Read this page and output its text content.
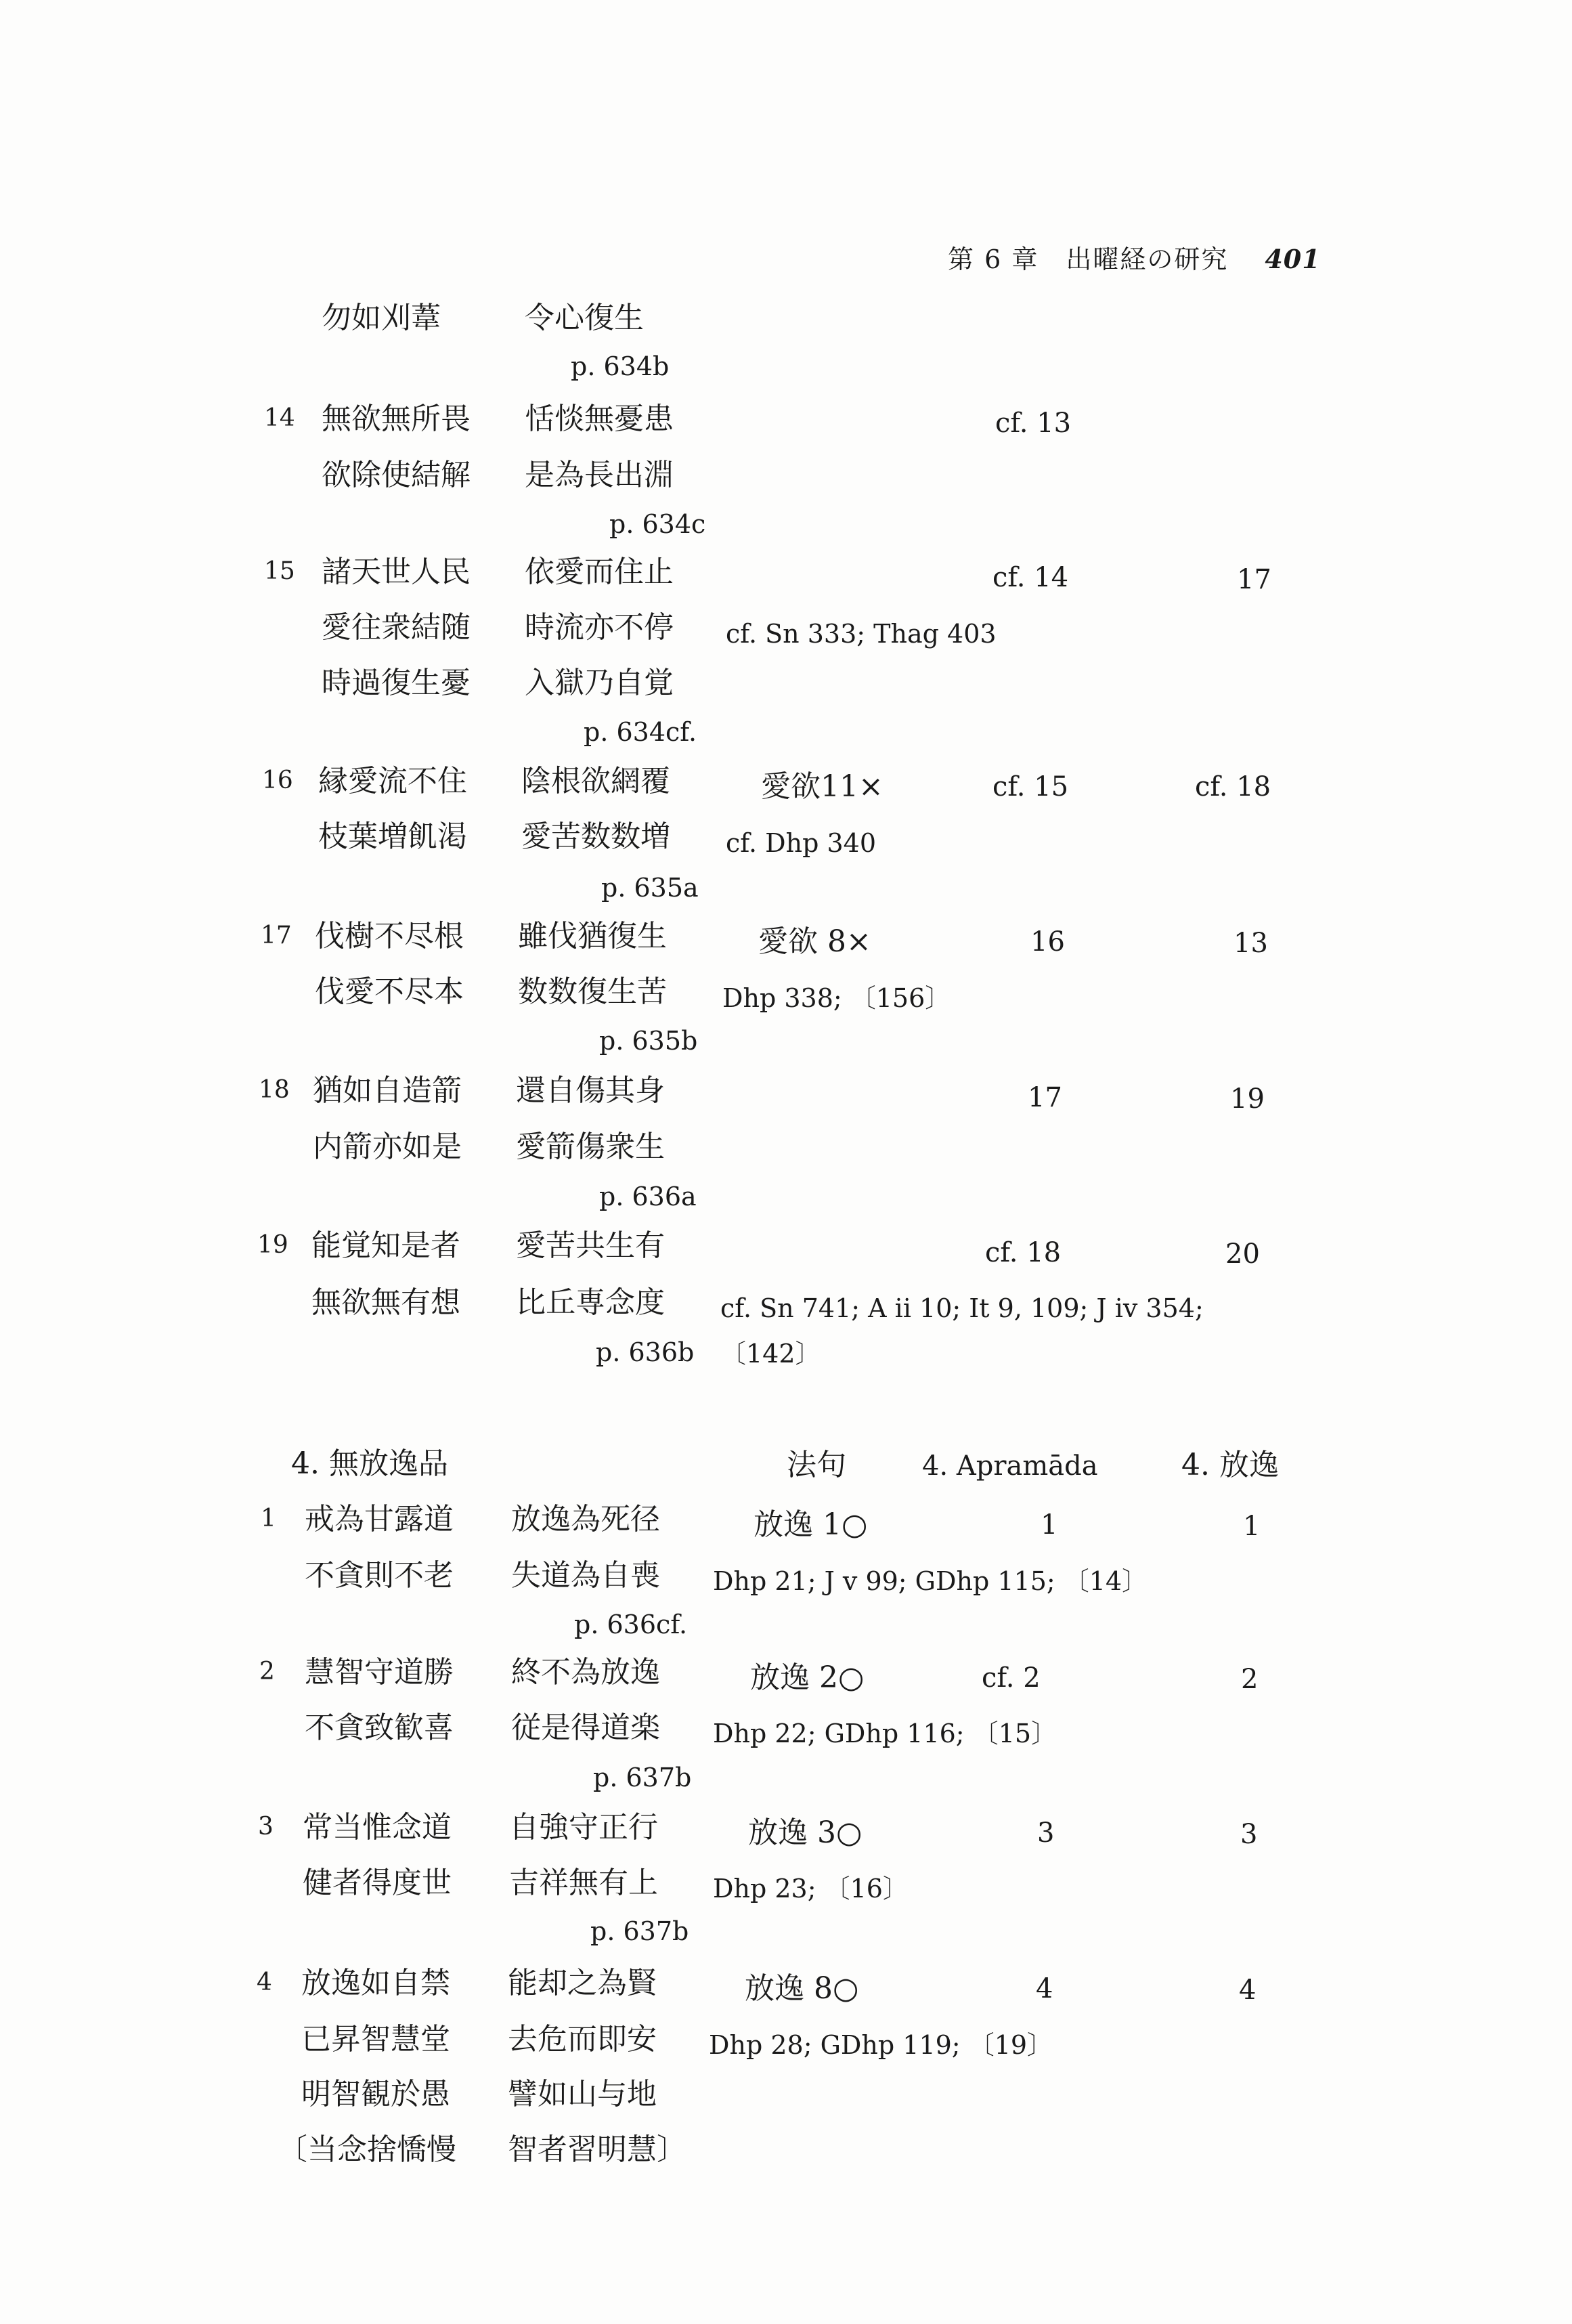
第 6 章　出曜経の研究 401
勿如刈葦	令心復生
p. 634b
14 無欲無所畏 恬惔無憂患	cf. 13
欲除使結解 是為長出淵
p. 634c
15 諸天世人民 依愛而住止	cf. 14	17
愛往衆結随 時流亦不停 cf. Sn 333; Thag 403
時過復生憂 入獄乃自覚
p. 634cf.
16 縁愛流不住 陰根欲網覆	愛欲11×	cf. 15	cf. 18
枝葉増飢渇 愛苦数数増 cf. Dhp 340
p. 635a
17 伐樹不尽根 雖伐猶復生	愛欲 8×	16	13
伐愛不尽本 数数復生苦 Dhp 338; 〔156〕
p. 635b
18 猶如自造箭 還自傷其身	17	19
内箭亦如是 愛箭傷衆生
p. 636a
19 能覚知是者 愛苦共生有	cf. 18	20
無欲無有想 比丘専念度 cf. Sn 741; A ii 10; It 9, 109; J iv 354;
p. 636b 〔142〕
4. 無放逸品	法句	4. Apramāda	4. 放逸
1 戒為甘露道 放逸為死径	放逸 1○	1	1
不貪則不老 失道為自喪 Dhp 21; J v 99; GDhp 115; 〔14〕
p. 636cf.
2 慧智守道勝 終不為放逸	放逸 2○	cf. 2	2
不貪致歓喜 従是得道楽 Dhp 22; GDhp 116; 〔15〕
p. 637b
3 常当惟念道 自強守正行	放逸 3○	3	3
健者得度世 吉祥無有上 Dhp 23; 〔16〕
p. 637b
4 放逸如自禁 能却之為賢	放逸 8○	4	4
已昇智慧堂 去危而即安 Dhp 28; GDhp 119; 〔19〕
明智観於愚 譬如山与地
〔当念捨憍慢 智者習明慧〕
